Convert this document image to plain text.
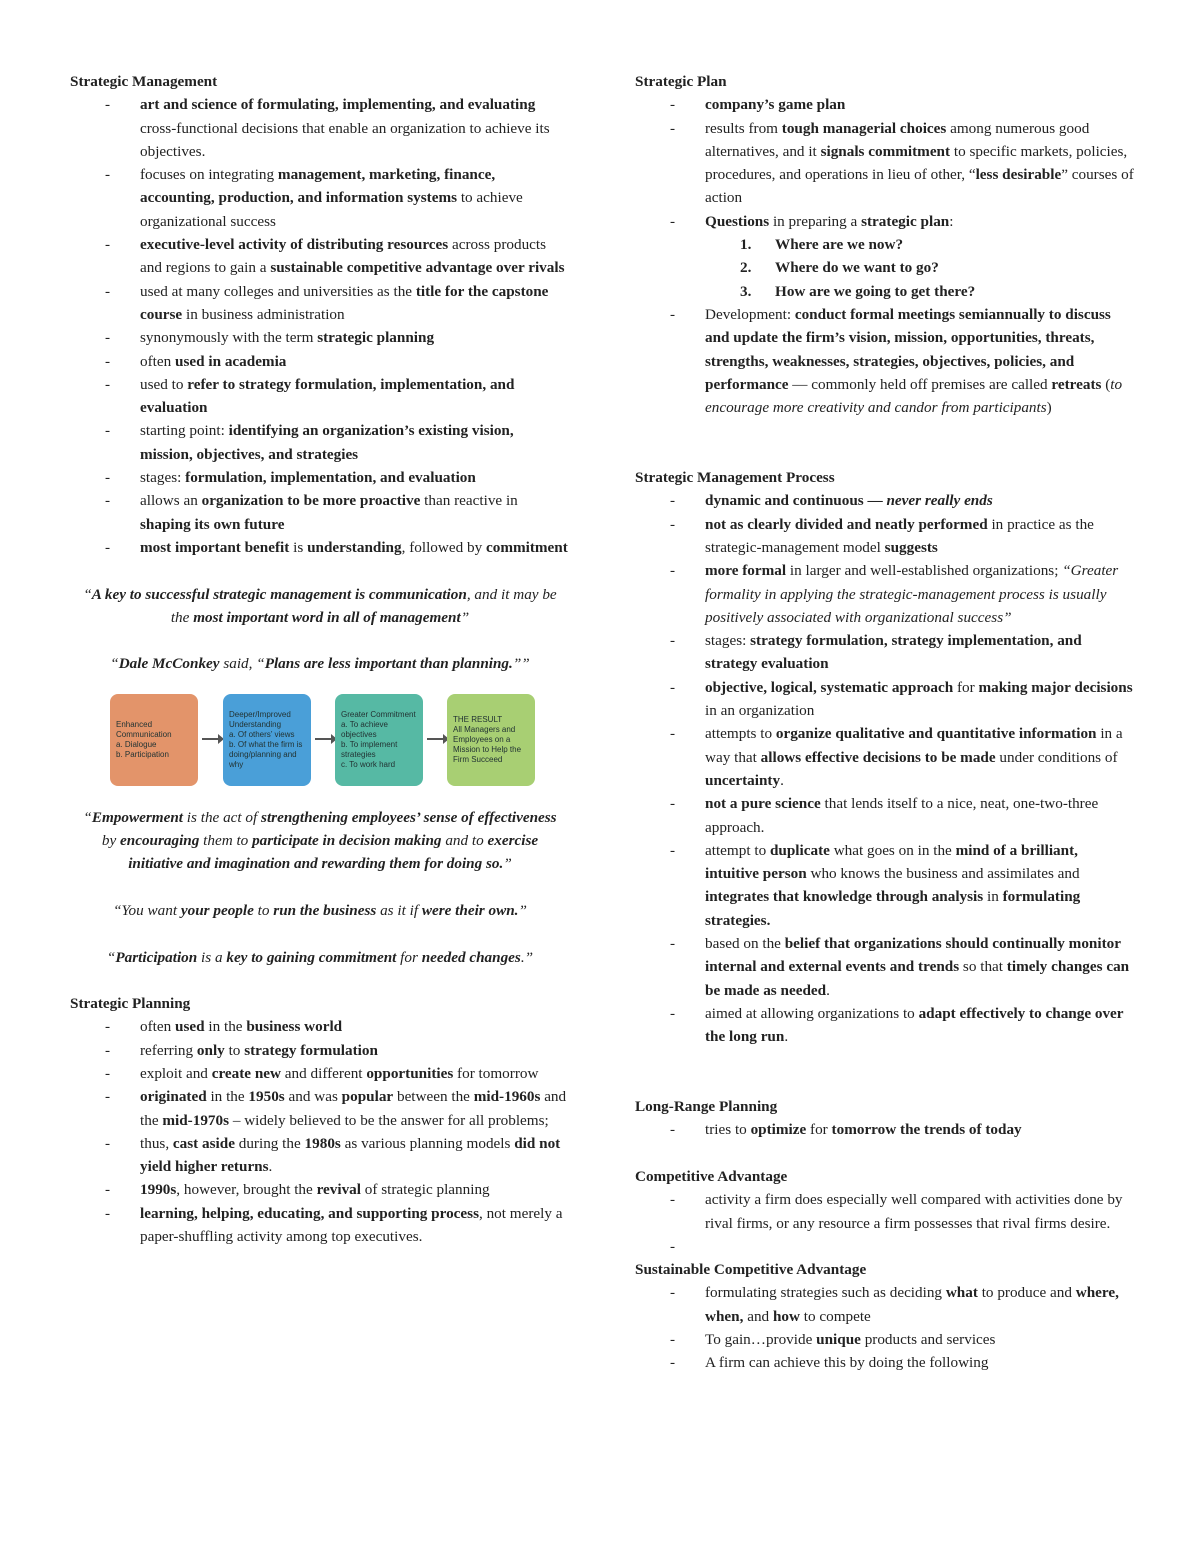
Strategic Management

- art and science of formulating, implementing, and evaluating cross-functional decisions that enable an organization to achieve its objectives.
- focuses on integrating management, marketing, finance, accounting, production, and information systems to achieve organizational success
- executive-level activity of distributing resources across products and regions to gain a sustainable competitive advantage over rivals
- used at many colleges and universities as the title for the capstone course in business administration
- synonymously with the term strategic planning
- often used in academia
- used to refer to strategy formulation, implementation, and evaluation
- starting point: identifying an organization’s existing vision, mission, objectives, and strategies
- stages: formulation, implementation, and evaluation
- allows an organization to be more proactive than reactive in shaping its own future
- most important benefit is understanding, followed by commitment

“A key to successful strategic management is communication, and it may be the most important word in all of management”

“Dale McConkey said, “Plans are less important than planning.””

Enhanced Communication
a. Dialogue
b. Participation
Deeper/Improved Understanding
a. Of others’ views
b. Of what the firm is doing/planning and why
Greater Commitment
a. To achieve objectives
b. To implement strategies
c. To work hard
THE RESULT
All Managers and Employees on a Mission to Help the Firm Succeed

“Empowerment is the act of strengthening employees’ sense of effectiveness by encouraging them to participate in decision making and to exercise initiative and imagination and rewarding them for doing so.”

“You want your people to run the business as it if were their own.”

“Participation is a key to gaining commitment for needed changes.”

Strategic Planning

- often used in the business world
- referring only to strategy formulation
- exploit and create new and different opportunities for tomorrow
- originated in the 1950s and was popular between the mid-1960s and the mid-1970s – widely believed to be the answer for all problems;
- thus, cast aside during the 1980s as various planning models did not yield higher returns.
- 1990s, however, brought the revival of strategic planning
- learning, helping, educating, and supporting process, not merely a paper-shuffling activity among top executives.

Strategic Plan

- company’s game plan
- results from tough managerial choices among numerous good alternatives, and it signals commitment to specific markets, policies, procedures, and operations in lieu of other, “less desirable” courses of action
- Questions in preparing a strategic plan:
1. Where are we now?
2. Where do we want to go?
3. How are we going to get there?
- Development: conduct formal meetings semiannually to discuss and update the firm’s vision, mission, opportunities, threats, strengths, weaknesses, strategies, objectives, policies, and performance — commonly held off premises are called retreats (to encourage more creativity and candor from participants)

Strategic Management Process

- dynamic and continuous — never really ends
- not as clearly divided and neatly performed in practice as the strategic-management model suggests
- more formal in larger and well-established organizations; “Greater formality in applying the strategic-management process is usually positively associated with organizational success”
- stages: strategy formulation, strategy implementation, and strategy evaluation
- objective, logical, systematic approach for making major decisions in an organization
- attempts to organize qualitative and quantitative information in a way that allows effective decisions to be made under conditions of uncertainty.
- not a pure science that lends itself to a nice, neat, one-two-three approach.
- attempt to duplicate what goes on in the mind of a brilliant, intuitive person who knows the business and assimilates and integrates that knowledge through analysis in formulating strategies.
- based on the belief that organizations should continually monitor internal and external events and trends so that timely changes can be made as needed.
- aimed at allowing organizations to adapt effectively to change over the long run.

Long-Range Planning

- tries to optimize for tomorrow the trends of today

Competitive Advantage

- activity a firm does especially well compared with activities done by rival firms, or any resource a firm possesses that rival firms desire.
-

Sustainable Competitive Advantage

- formulating strategies such as deciding what to produce and where, when, and how to compete
- To gain…provide unique products and services
- A firm can achieve this by doing the following
